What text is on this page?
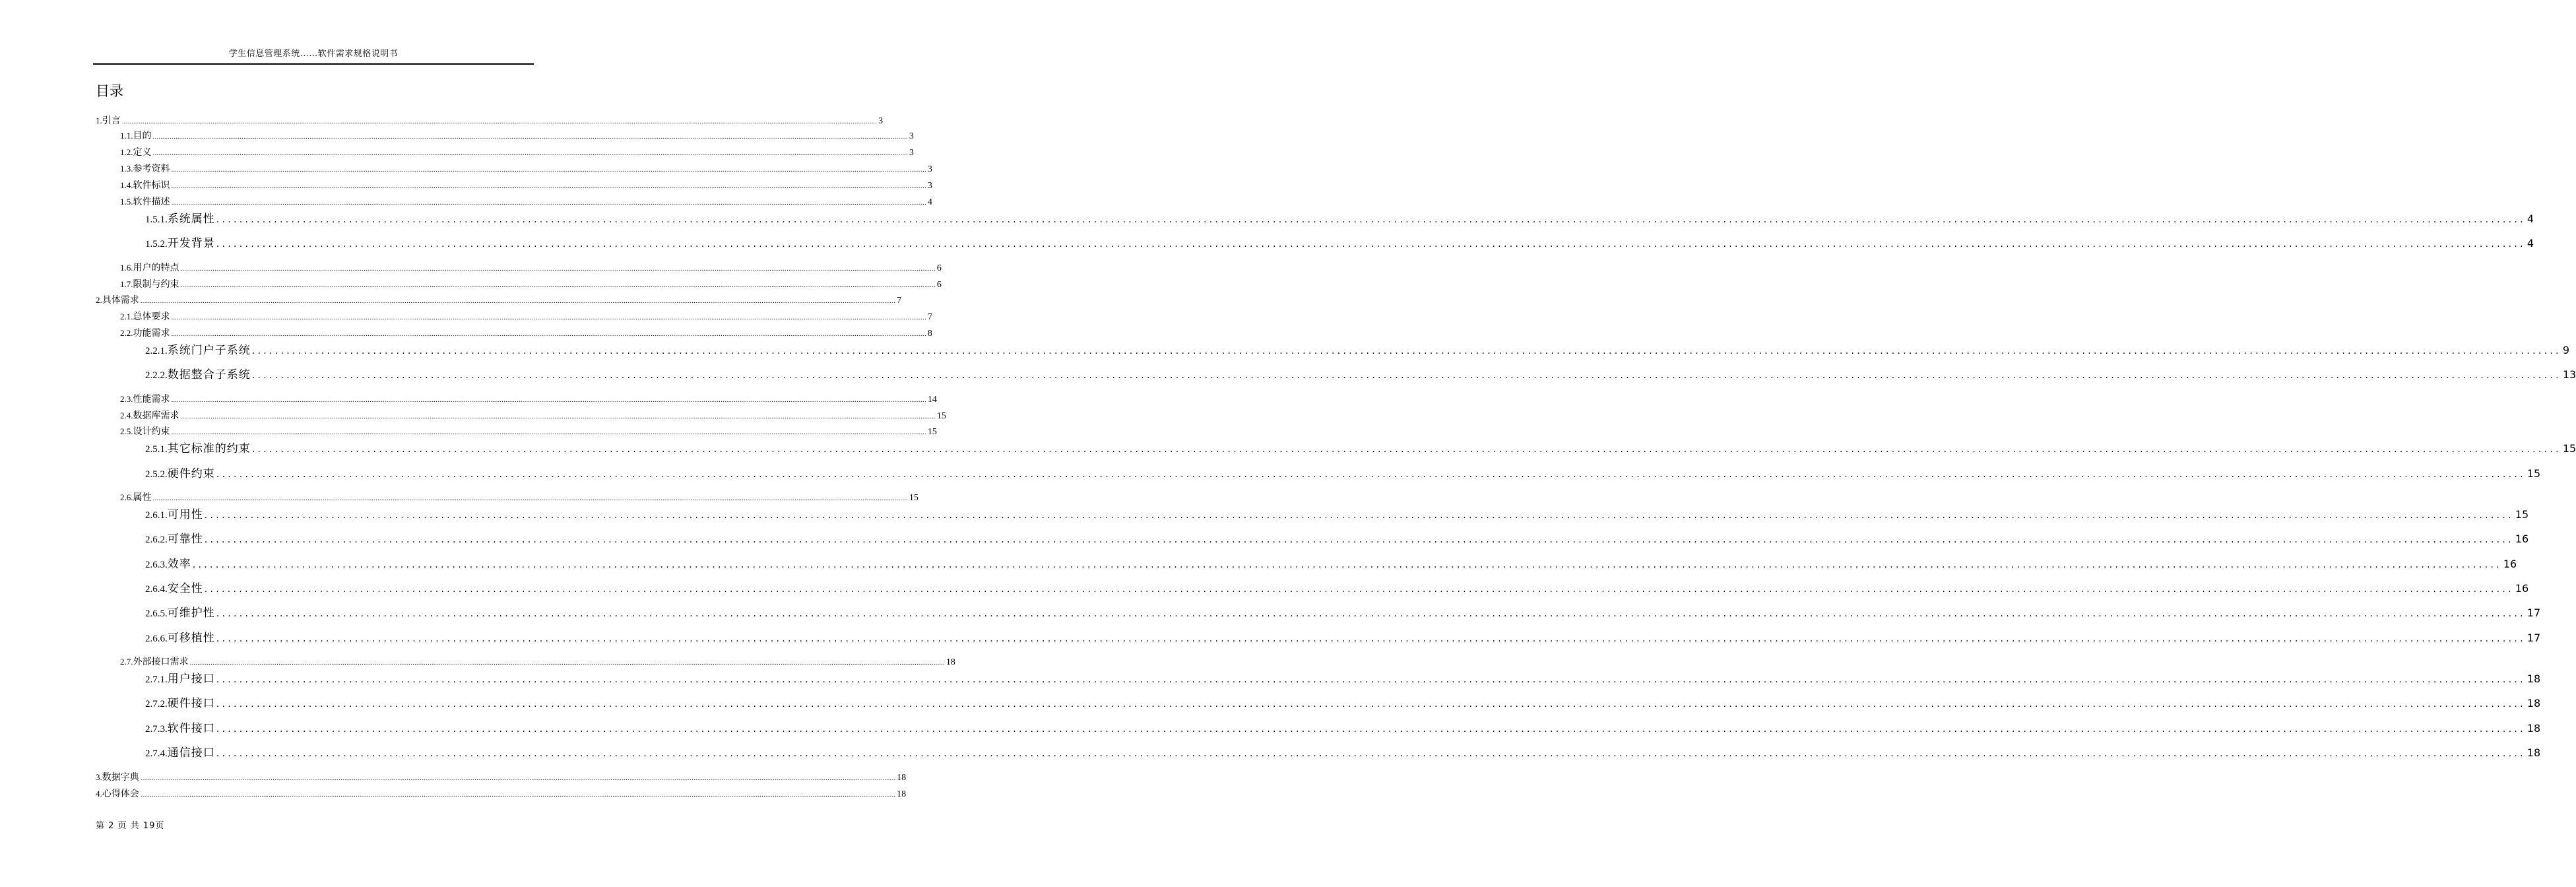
学生信息管理系统……软件需求规格说明书
目录
1. 引言 ................................................................................................................................................................................................................................................................................................................................................................................................................ 3
1.1. 目的 ................................................................................................................................................................................................................................................................................................................................................................................................................ 3
1.2. 定义 ................................................................................................................................................................................................................................................................................................................................................................................................................ 3
1.3. 参考资料 ................................................................................................................................................................................................................................................................................................................................................................................................................ 3
1.4. 软件标识 ................................................................................................................................................................................................................................................................................................................................................................................................................ 3
1.5. 软件描述 ................................................................................................................................................................................................................................................................................................................................................................................................................ 4
1.5.1. 系统属性 ................................................................................................................................................................................................................................................................................................................................................................................................................ 4
1.5.2. 开发背景 ................................................................................................................................................................................................................................................................................................................................................................................................................ 4
1.6. 用户的特点 ................................................................................................................................................................................................................................................................................................................................................................................................................ 6
1.7. 限制与约束 ................................................................................................................................................................................................................................................................................................................................................................................................................ 6
2. 具体需求 ................................................................................................................................................................................................................................................................................................................................................................................................................ 7
2.1. 总体要求 ................................................................................................................................................................................................................................................................................................................................................................................................................ 7
2.2. 功能需求 ................................................................................................................................................................................................................................................................................................................................................................................................................ 8
2.2.1. 系统门户子系统 ................................................................................................................................................................................................................................................................................................................................................................................................................ 9
2.2.2. 数据整合子系统 ................................................................................................................................................................................................................................................................................................................................................................................................................ 13
2.3. 性能需求 ................................................................................................................................................................................................................................................................................................................................................................................................................ 14
2.4. 数据库需求 ................................................................................................................................................................................................................................................................................................................................................................................................................ 15
2.5. 设计约束 ................................................................................................................................................................................................................................................................................................................................................................................................................ 15
2.5.1. 其它标准的约束 ................................................................................................................................................................................................................................................................................................................................................................................................................ 15
2.5.2. 硬件约束 ................................................................................................................................................................................................................................................................................................................................................................................................................ 15
2.6. 属性 ................................................................................................................................................................................................................................................................................................................................................................................................................ 15
2.6.1. 可用性 ................................................................................................................................................................................................................................................................................................................................................................................................................ 15
2.6.2. 可靠性 ................................................................................................................................................................................................................................................................................................................................................................................................................ 16
2.6.3. 效率 ................................................................................................................................................................................................................................................................................................................................................................................................................ 16
2.6.4. 安全性 ................................................................................................................................................................................................................................................................................................................................................................................................................ 16
2.6.5. 可维护性 ................................................................................................................................................................................................................................................................................................................................................................................................................ 17
2.6.6. 可移植性 ................................................................................................................................................................................................................................................................................................................................................................................................................ 17
2.7. 外部接口需求 ................................................................................................................................................................................................................................................................................................................................................................................................................ 18
2.7.1. 用户接口 ................................................................................................................................................................................................................................................................................................................................................................................................................ 18
2.7.2. 硬件接口 ................................................................................................................................................................................................................................................................................................................................................................................................................ 18
2.7.3. 软件接口 ................................................................................................................................................................................................................................................................................................................................................................................................................ 18
2.7.4. 通信接口 ................................................................................................................................................................................................................................................................................................................................................................................................................ 18
3. 数据字典 ................................................................................................................................................................................................................................................................................................................................................................................................................ 18
4. 心得体会 ................................................................................................................................................................................................................................................................................................................................................................................................................ 18
第 2 页 共 19页
